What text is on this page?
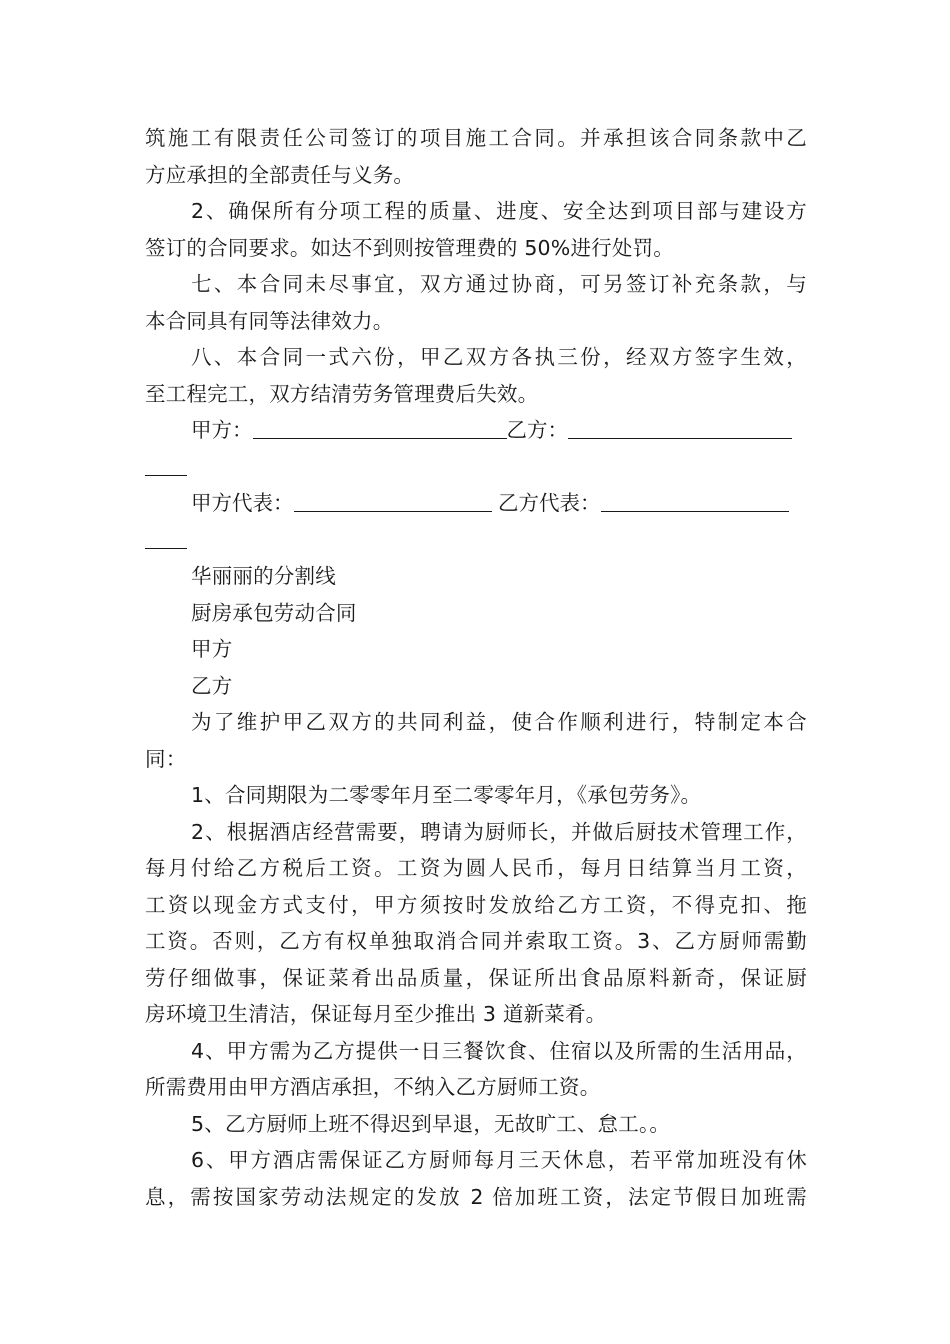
筑施工有限责任公司签订的项目施工合同。并承担该合同条款中乙
方应承担的全部责任与义务。
2、确保所有分项工程的质量、进度、安全达到项目部与建设方
签订的合同要求。如达不到则按管理费的 50%进行处罚。
七、本合同未尽事宜，双方通过协商，可另签订补充条款，与
本合同具有同等法律效力。
八、本合同一式六份，甲乙双方各执三份，经双方签字生效，
至工程完工，双方结清劳务管理费后失效。
甲方：	乙方：
甲方代表：	乙方代表：
华丽丽的分割线
厨房承包劳动合同
甲方
乙方
为了维护甲乙双方的共同利益，使合作顺利进行，特制定本合
同：
1、合同期限为二零零年月至二零零年月，《承包劳务》。
2、根据酒店经营需要，聘请为厨师长，并做后厨技术管理工作，
每月付给乙方税后工资。工资为圆人民币，每月日结算当月工资，
工资以现金方式支付，甲方须按时发放给乙方工资，不得克扣、拖
工资。否则，乙方有权单独取消合同并索取工资。3、乙方厨师需勤
劳仔细做事，保证菜肴出品质量，保证所出食品原料新奇，保证厨
房环境卫生清洁，保证每月至少推出 3 道新菜肴。
4、甲方需为乙方提供一日三餐饮食、住宿以及所需的生活用品，
所需费用由甲方酒店承担，不纳入乙方厨师工资。
5、乙方厨师上班不得迟到早退，无故旷工、怠工。。
6、甲方酒店需保证乙方厨师每月三天休息，若平常加班没有休
息，需按国家劳动法规定的发放 2 倍加班工资，法定节假日加班需
